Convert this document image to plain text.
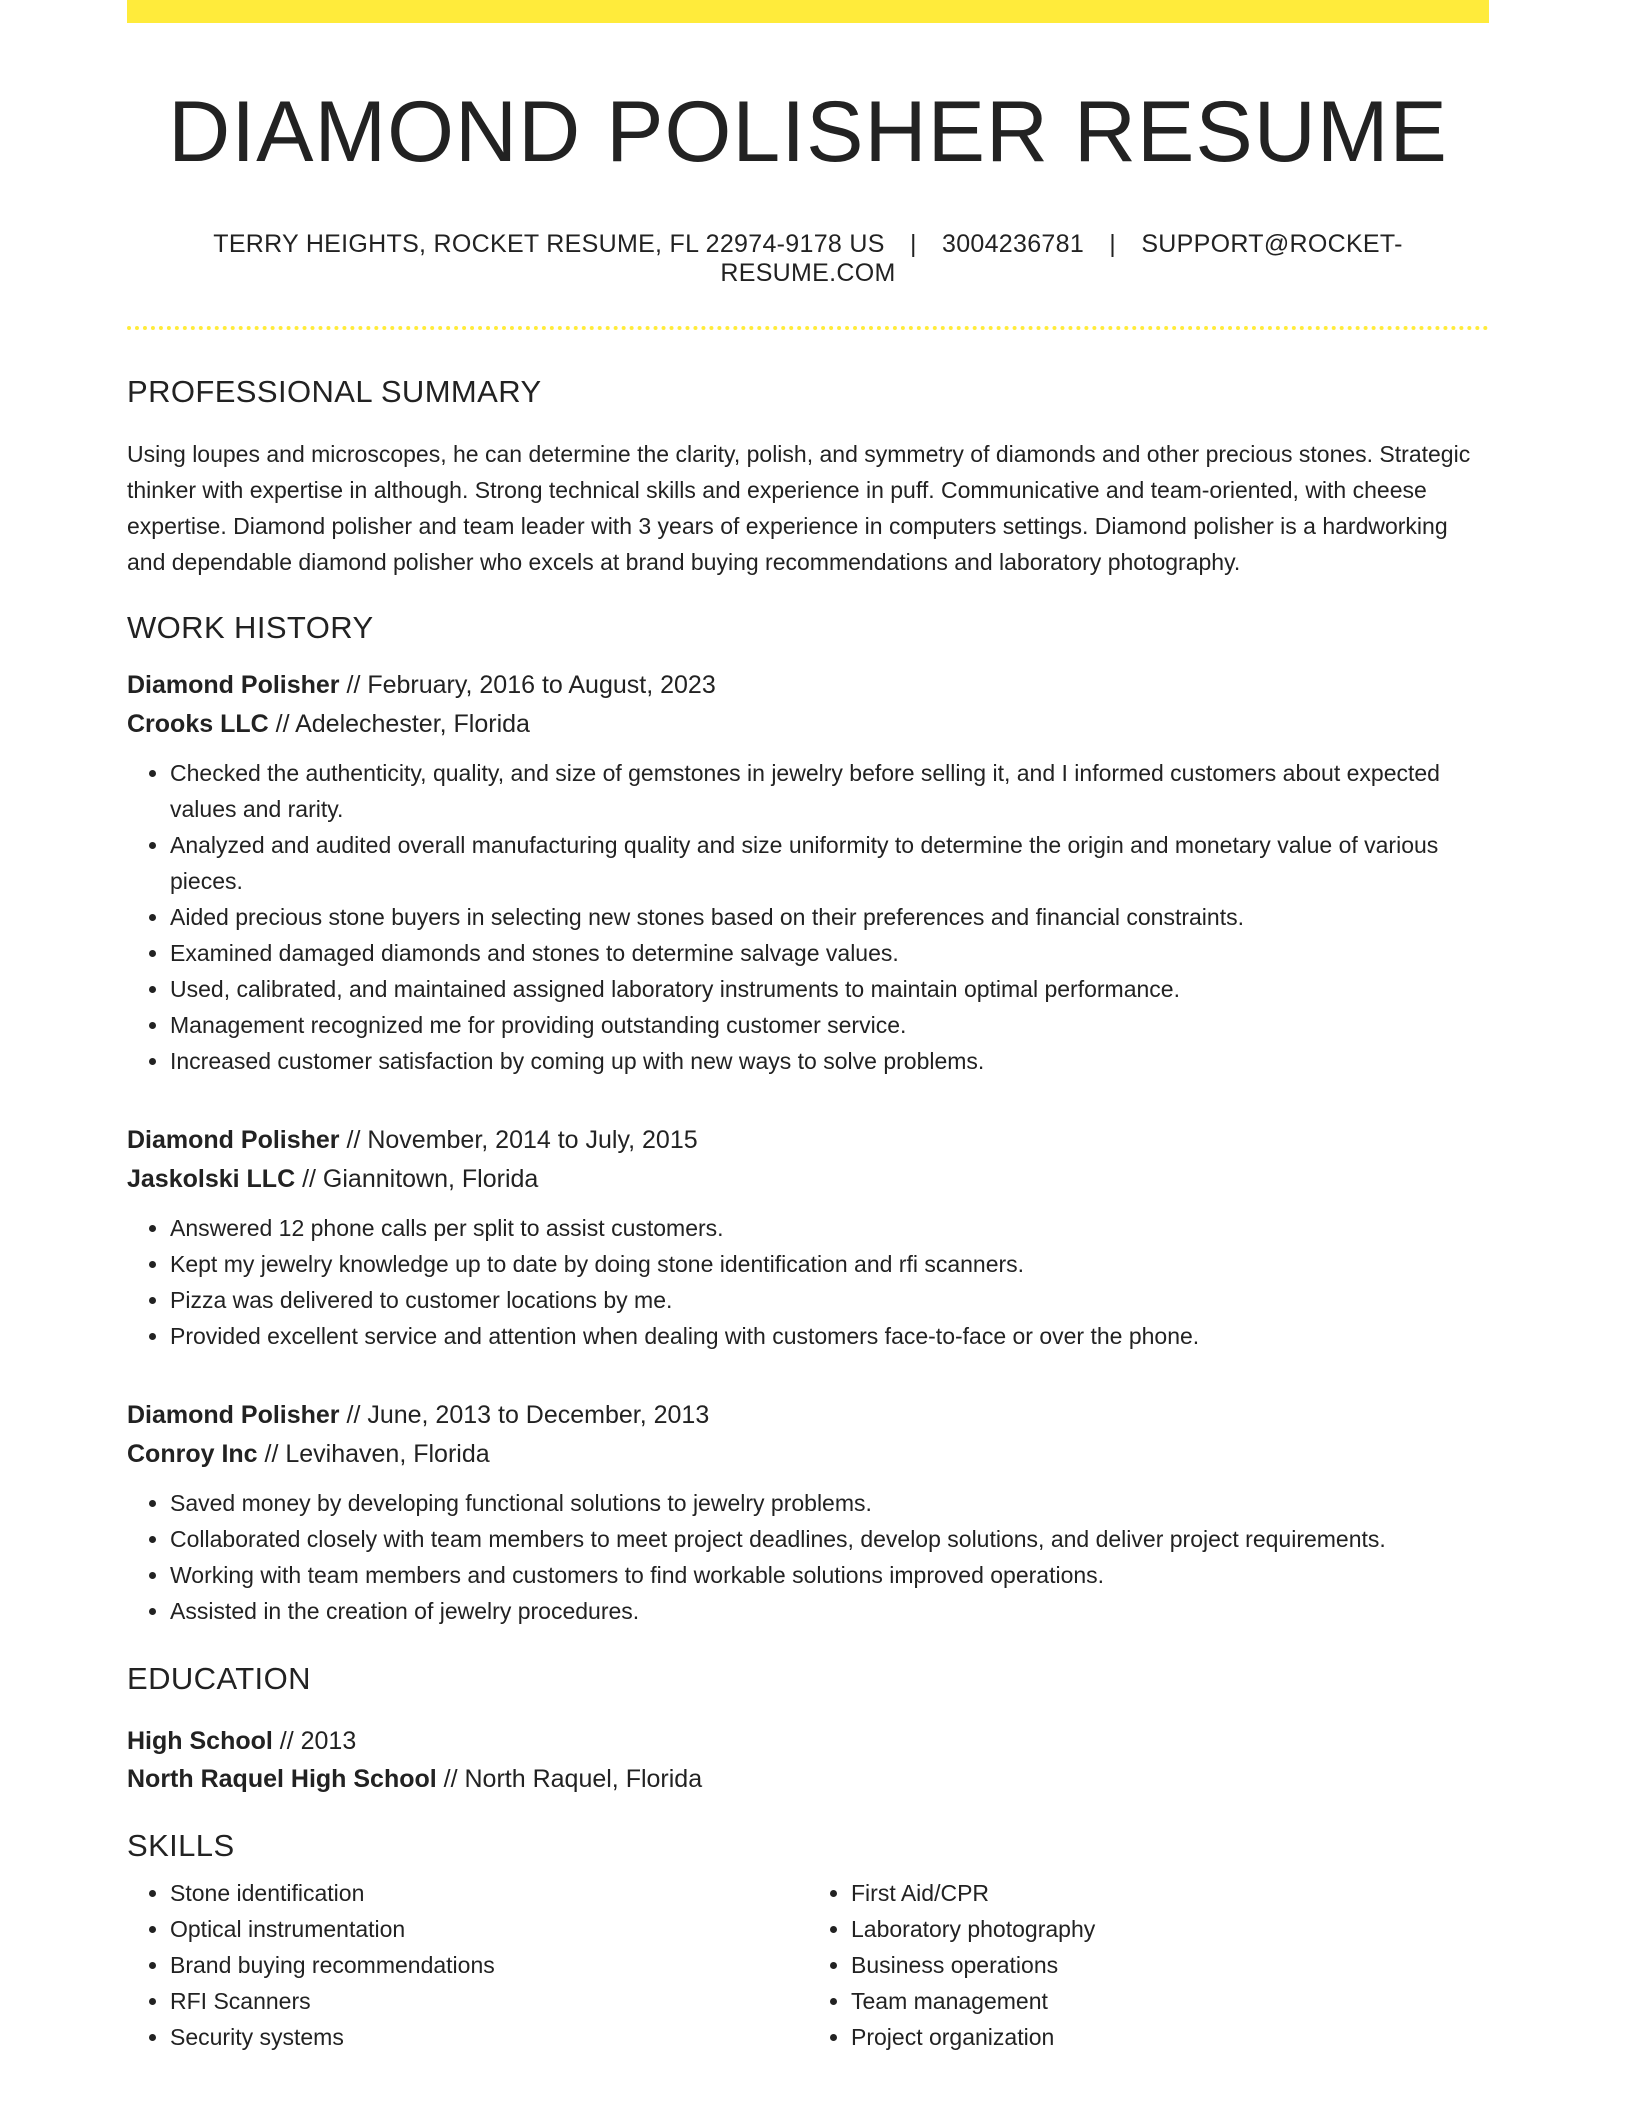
DIAMOND POLISHER RESUME
TERRY HEIGHTS, ROCKET RESUME, FL 22974-9178 US | 3004236781 | SUPPORT@ROCKET-RESUME.COM
PROFESSIONAL SUMMARY

Using loupes and microscopes, he can determine the clarity, polish, and symmetry of diamonds and other precious stones. Strategic thinker with expertise in although. Strong technical skills and experience in puff. Communicative and team-oriented, with cheese expertise. Diamond polisher and team leader with 3 years of experience in computers settings. Diamond polisher is a hardworking and dependable diamond polisher who excels at brand buying recommendations and laboratory photography.

WORK HISTORY
Diamond Polisher // February, 2016 to August, 2023
Crooks LLC // Adelechester, Florida
• Checked the authenticity, quality, and size of gemstones in jewelry before selling it, and I informed customers about expected values and rarity.
• Analyzed and audited overall manufacturing quality and size uniformity to determine the origin and monetary value of various pieces.
• Aided precious stone buyers in selecting new stones based on their preferences and financial constraints.
• Examined damaged diamonds and stones to determine salvage values.
• Used, calibrated, and maintained assigned laboratory instruments to maintain optimal performance.
• Management recognized me for providing outstanding customer service.
• Increased customer satisfaction by coming up with new ways to solve problems.
Diamond Polisher // November, 2014 to July, 2015
Jaskolski LLC // Giannitown, Florida
• Answered 12 phone calls per split to assist customers.
• Kept my jewelry knowledge up to date by doing stone identification and rfi scanners.
• Pizza was delivered to customer locations by me.
• Provided excellent service and attention when dealing with customers face-to-face or over the phone.
Diamond Polisher // June, 2013 to December, 2013
Conroy Inc // Levihaven, Florida
• Saved money by developing functional solutions to jewelry problems.
• Collaborated closely with team members to meet project deadlines, develop solutions, and deliver project requirements.
• Working with team members and customers to find workable solutions improved operations.
• Assisted in the creation of jewelry procedures.
EDUCATION
High School // 2013
North Raquel High School // North Raquel, Florida
SKILLS
• Stone identification
• Optical instrumentation
• Brand buying recommendations
• RFI Scanners
• Security systems
• First Aid/CPR
• Laboratory photography
• Business operations
• Team management
• Project organization
